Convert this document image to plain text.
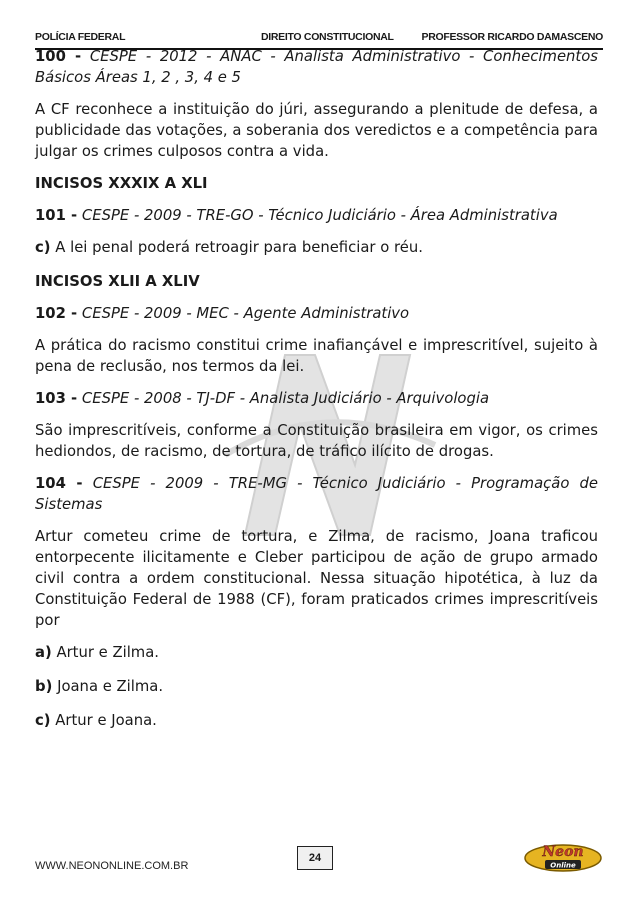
POLÍCIA FEDERAL	DIREITO CONSTITUCIONAL	PROFESSOR RICARDO DAMASCENO
100 - CESPE - 2012 - ANAC - Analista Administrativo - Conhecimentos Básicos Áreas 1, 2 , 3, 4 e 5
A CF reconhece a instituição do júri, assegurando a plenitude de defesa, a publicidade das votações, a soberania dos veredictos e a competência para julgar os crimes culposos contra a vida.
INCISOS XXXIX A XLI
101 - CESPE - 2009 - TRE-GO - Técnico Judiciário - Área Administrativa
c) A lei penal poderá retroagir para beneficiar o réu.
INCISOS XLII A XLIV
102 - CESPE - 2009 - MEC - Agente Administrativo
A prática do racismo constitui crime inafiançável e imprescritível, sujeito à pena de reclusão, nos termos da lei.
103 - CESPE - 2008 - TJ-DF - Analista Judiciário - Arquivologia
São imprescritíveis, conforme a Constituição brasileira em vigor, os crimes hediondos, de racismo, de tortura, de tráfico ilícito de drogas.
104 - CESPE - 2009 - TRE-MG - Técnico Judiciário - Programação de Sistemas
Artur cometeu crime de tortura, e Zilma, de racismo, Joana traficou entorpecente ilicitamente e Cleber participou de ação de grupo armado civil contra a ordem constitucional. Nessa situação hipotética, à luz da Constituição Federal de 1988 (CF), foram praticados crimes imprescritíveis por
a) Artur e Zilma.
b) Joana e Zilma.
c) Artur e Joana.
WWW.NEONONLINE.COM.BR
24	Neon
Online
